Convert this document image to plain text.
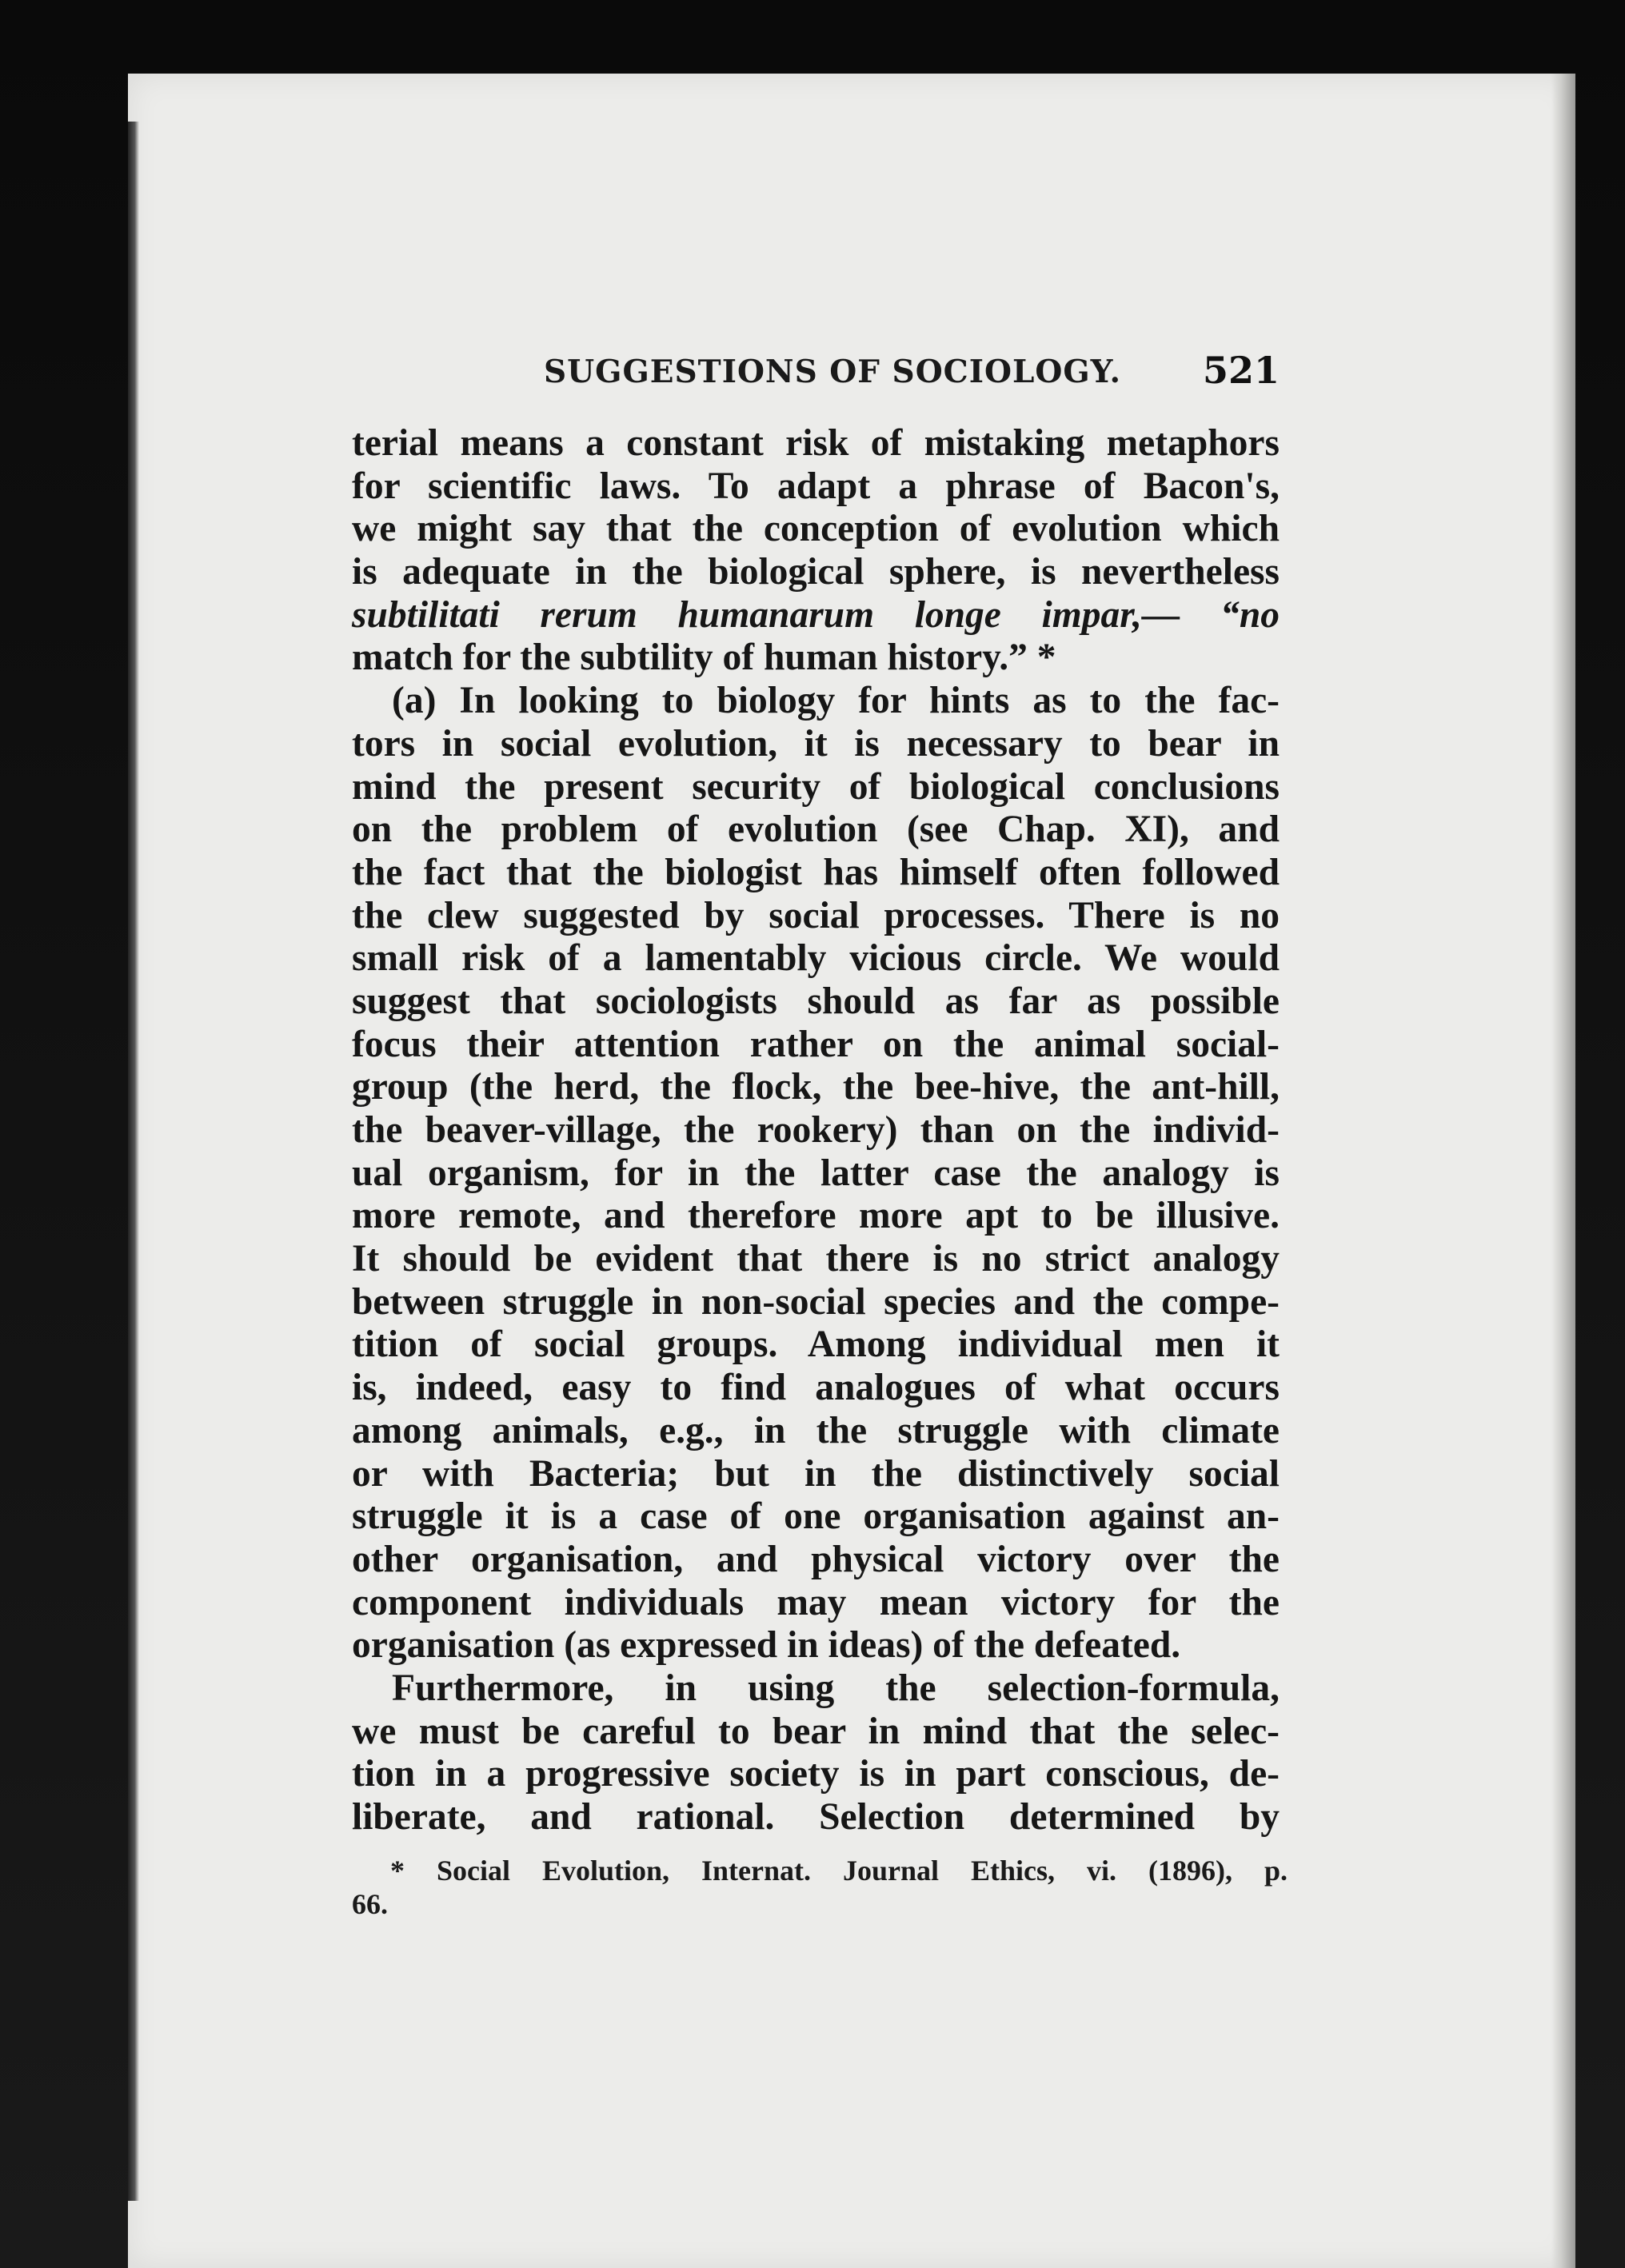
SUGGESTIONS OF SOCIOLOGY. 521
terial means a constant risk of mistaking metaphors
for scientific laws. To adapt a phrase of Bacon's,
we might say that the conception of evolution which
is adequate in the biological sphere, is nevertheless
subtilitati rerum humanarum longe impar,— “no
match for the subtility of human history.” *
(a) In looking to biology for hints as to the fac-
tors in social evolution, it is necessary to bear in
mind the present security of biological conclusions
on the problem of evolution (see Chap. XI), and
the fact that the biologist has himself often followed
the clew suggested by social processes. There is no
small risk of a lamentably vicious circle. We would
suggest that sociologists should as far as possible
focus their attention rather on the animal social-
group (the herd, the flock, the bee-hive, the ant-hill,
the beaver-village, the rookery) than on the individ-
ual organism, for in the latter case the analogy is
more remote, and therefore more apt to be illusive.
It should be evident that there is no strict analogy
between struggle in non-social species and the compe-
tition of social groups. Among individual men it
is, indeed, easy to find analogues of what occurs
among animals, e.g., in the struggle with climate
or with Bacteria; but in the distinctively social
struggle it is a case of one organisation against an-
other organisation, and physical victory over the
component individuals may mean victory for the
organisation (as expressed in ideas) of the defeated.
Furthermore, in using the selection-formula,
we must be careful to bear in mind that the selec-
tion in a progressive society is in part conscious, de-
liberate, and rational. Selection determined by
* Social Evolution, Internat. Journal Ethics, vi. (1896), p.
66.
